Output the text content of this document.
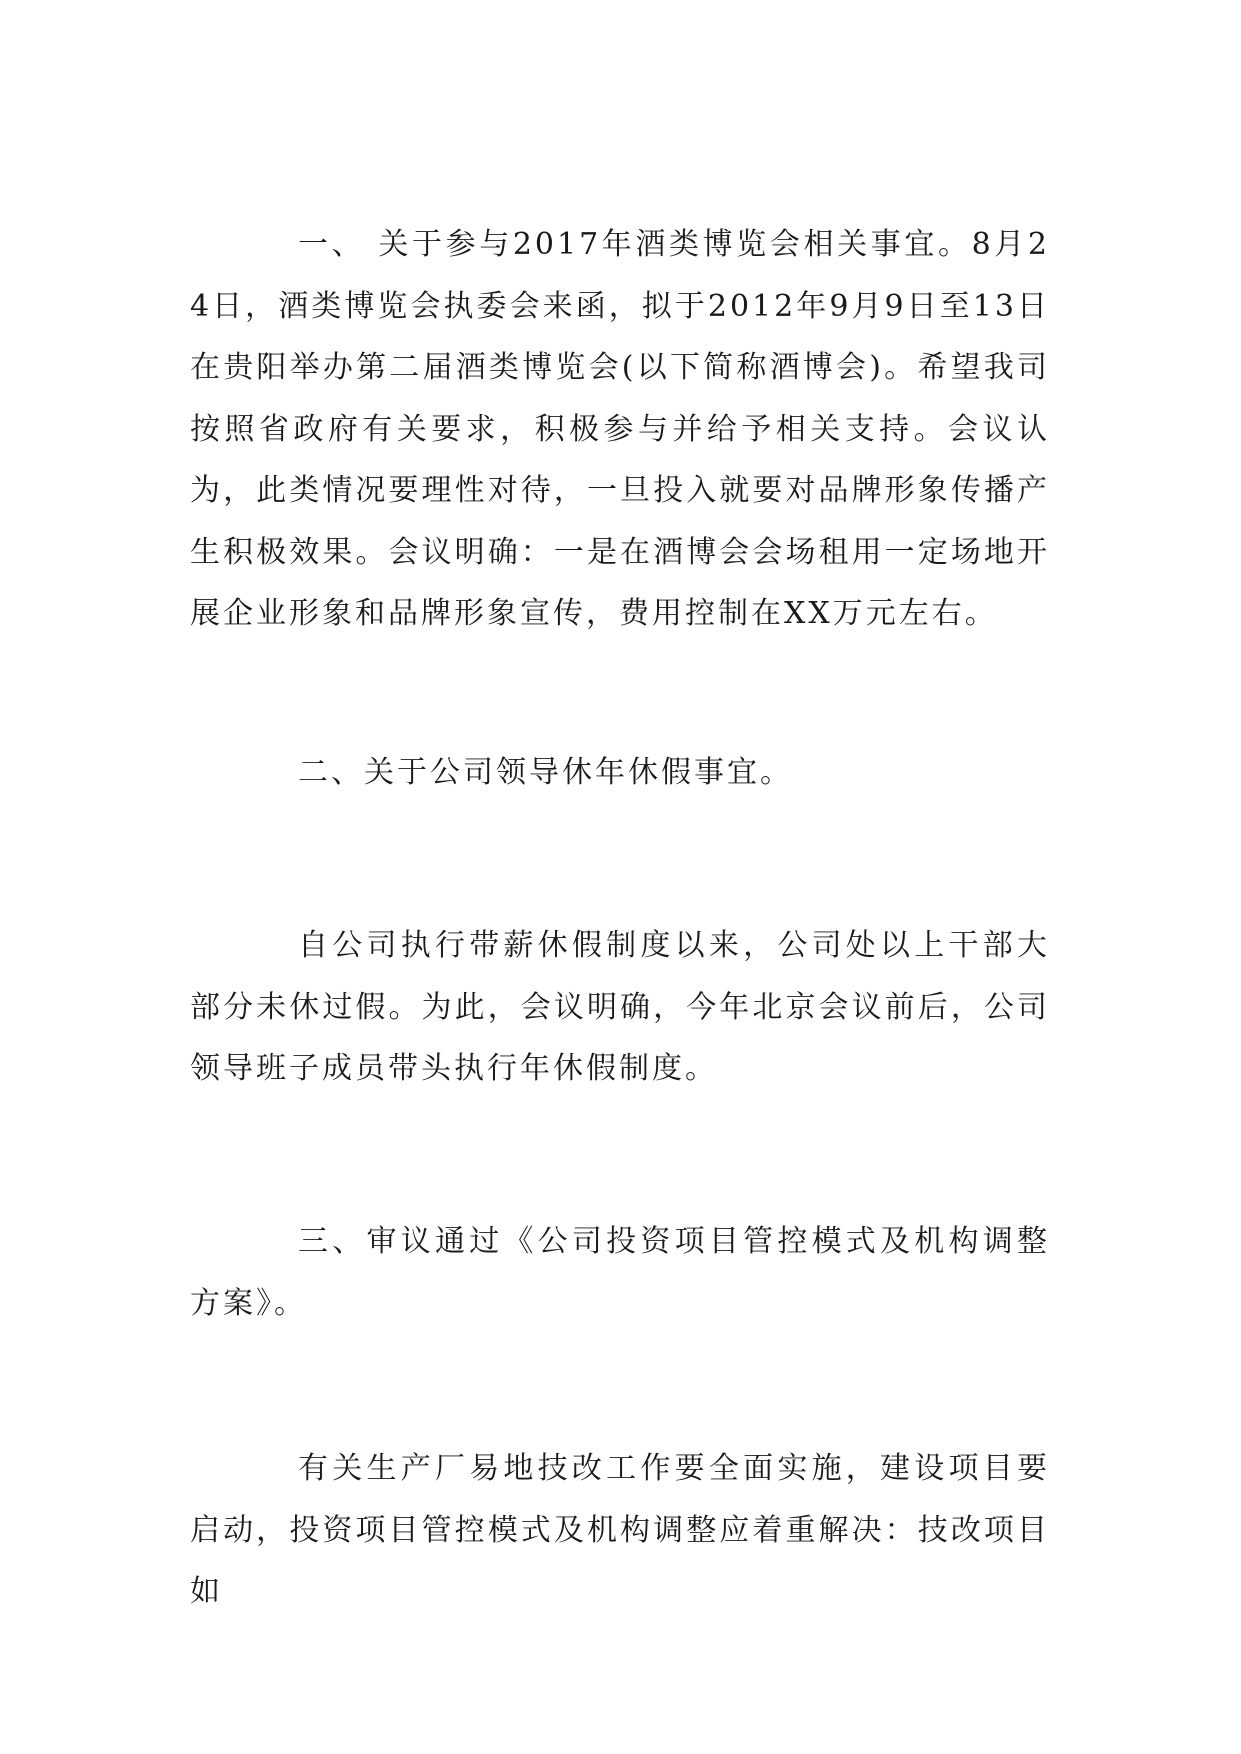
一、 关于参与2017年酒类博览会相关事宜。8月24日，酒类博览会执委会来函，拟于2012年9月9日至13日在贵阳举办第二届酒类博览会(以下简称酒博会)。希望我司按照省政府有关要求，积极参与并给予相关支持。会议认为，此类情况要理性对待，一旦投入就要对品牌形象传播产生积极效果。会议明确：一是在酒博会会场租用一定场地开展企业形象和品牌形象宣传，费用控制在XX万元左右。

二、关于公司领导休年休假事宜。

自公司执行带薪休假制度以来，公司处以上干部大部分未休过假。为此，会议明确，今年北京会议前后，公司领导班子成员带头执行年休假制度。

三、审议通过《公司投资项目管控模式及机构调整方案》。

有关生产厂易地技改工作要全面实施，建设项目要启动，投资项目管控模式及机构调整应着重解决：技改项目如
